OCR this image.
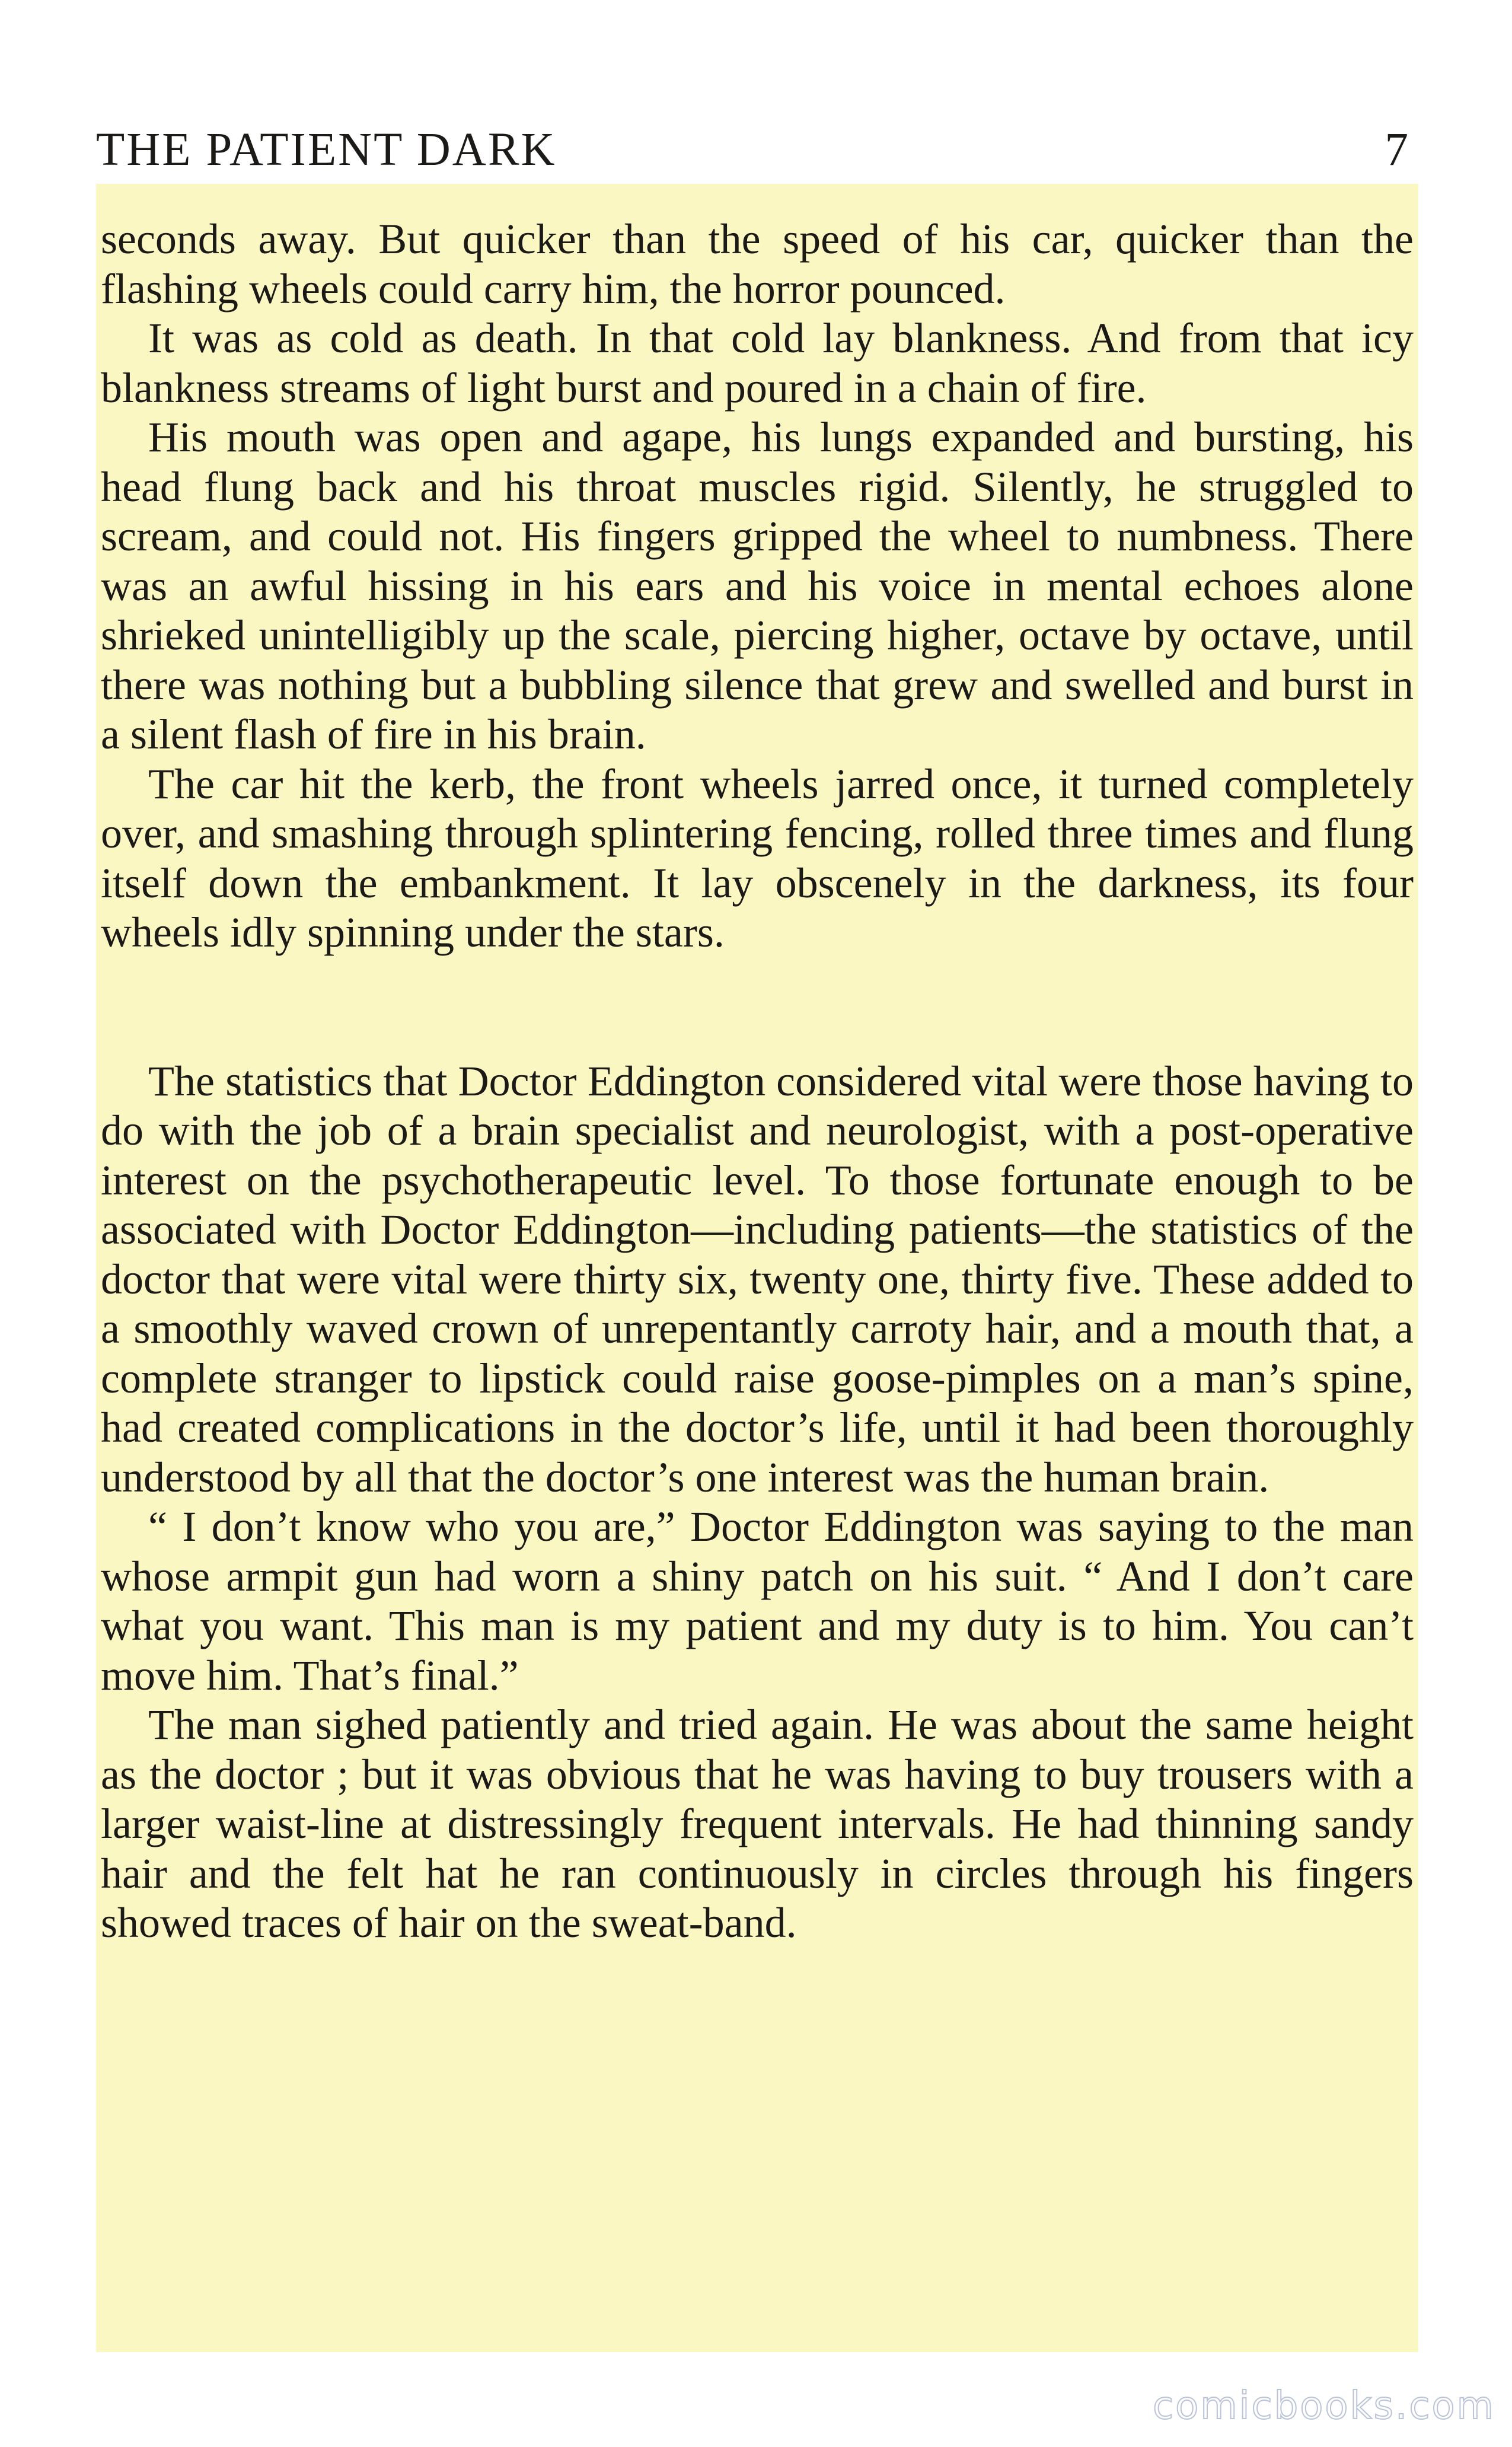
THE PATIENT DARK	7

seconds away. But quicker than the speed of his car, quicker than the flashing wheels could carry him, the horror pounced.

It was as cold as death. In that cold lay blankness. And from that icy blankness streams of light burst and poured in a chain of fire.

His mouth was open and agape, his lungs expanded and bursting, his head flung back and his throat muscles rigid. Silently, he struggled to scream, and could not. His fingers gripped the wheel to numbness. There was an awful hissing in his ears and his voice in mental echoes alone shrieked unintelligibly up the scale, piercing higher, octave by octave, until there was nothing but a bubbling silence that grew and swelled and burst in a silent flash of fire in his brain.

The car hit the kerb, the front wheels jarred once, it turned completely over, and smashing through splintering fencing, rolled three times and flung itself down the embankment. It lay obscenely in the darkness, its four wheels idly spinning under the stars.

The statistics that Doctor Eddington considered vital were those having to do with the job of a brain specialist and neurologist, with a post-operative interest on the psychotherapeutic level. To those fortunate enough to be associated with Doctor Eddington—including patients—the statistics of the doctor that were vital were thirty six, twenty one, thirty five. These added to a smoothly waved crown of unrepentantly carroty hair, and a mouth that, a complete stranger to lipstick could raise goose-pimples on a man’s spine, had created complications in the doctor’s life, until it had been thoroughly understood by all that the doctor’s one interest was the human brain.

“ I don’t know who you are,” Doctor Eddington was saying to the man whose armpit gun had worn a shiny patch on his suit. “ And I don’t care what you want. This man is my patient and my duty is to him. You can’t move him. That’s final.”

The man sighed patiently and tried again. He was about the same height as the doctor ; but it was obvious that he was having to buy trousers with a larger waist-line at distressingly frequent intervals. He had thinning sandy hair and the felt hat he ran continuously in circles through his fingers showed traces of hair on the sweat-band.

comicbooks.com
